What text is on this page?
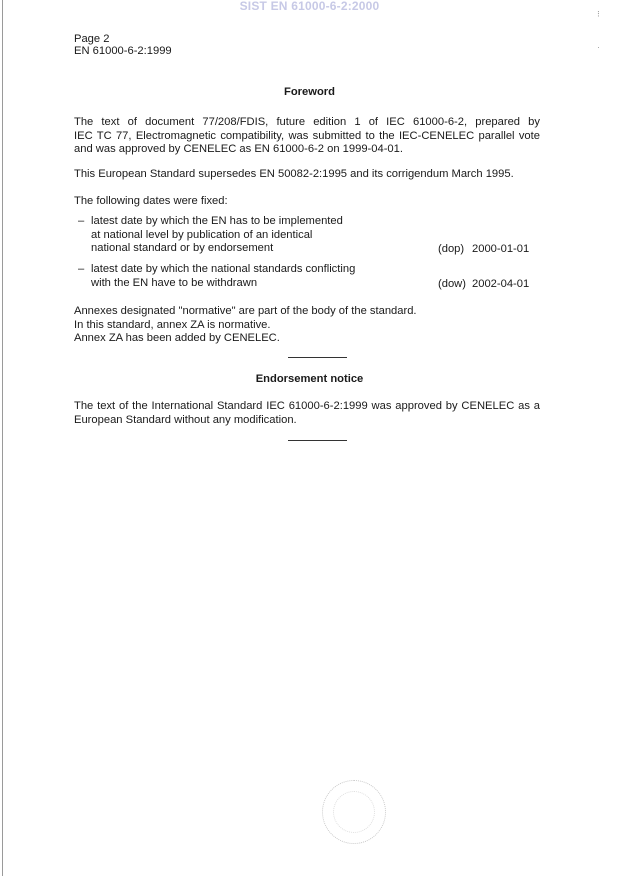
SIST EN 61000-6-2:2000
⁝
·
Page 2
EN 61000-6-2:1999
Foreword
The text of document 77/208/FDIS, future edition 1 of IEC 61000-6-2, prepared by
IEC TC 77, Electromagnetic compatibility, was submitted to the IEC-CENELEC parallel vote
and was approved by CENELEC as EN 61000-6-2 on 1999-04-01.
This European Standard supersedes EN 50082-2:1995 and its corrigendum March 1995.
The following dates were fixed:
– latest date by which the EN has to be implemented
at national level by publication of an identical
national standard or by endorsement	(dop) 2000-01-01
– latest date by which the national standards conflicting
with the EN have to be withdrawn	(dow) 2002-04-01
Annexes designated "normative" are part of the body of the standard.
In this standard, annex ZA is normative.
Annex ZA has been added by CENELEC.
Endorsement notice
The text of the International Standard IEC 61000-6-2:1999 was approved by CENELEC as a
European Standard without any modification.
